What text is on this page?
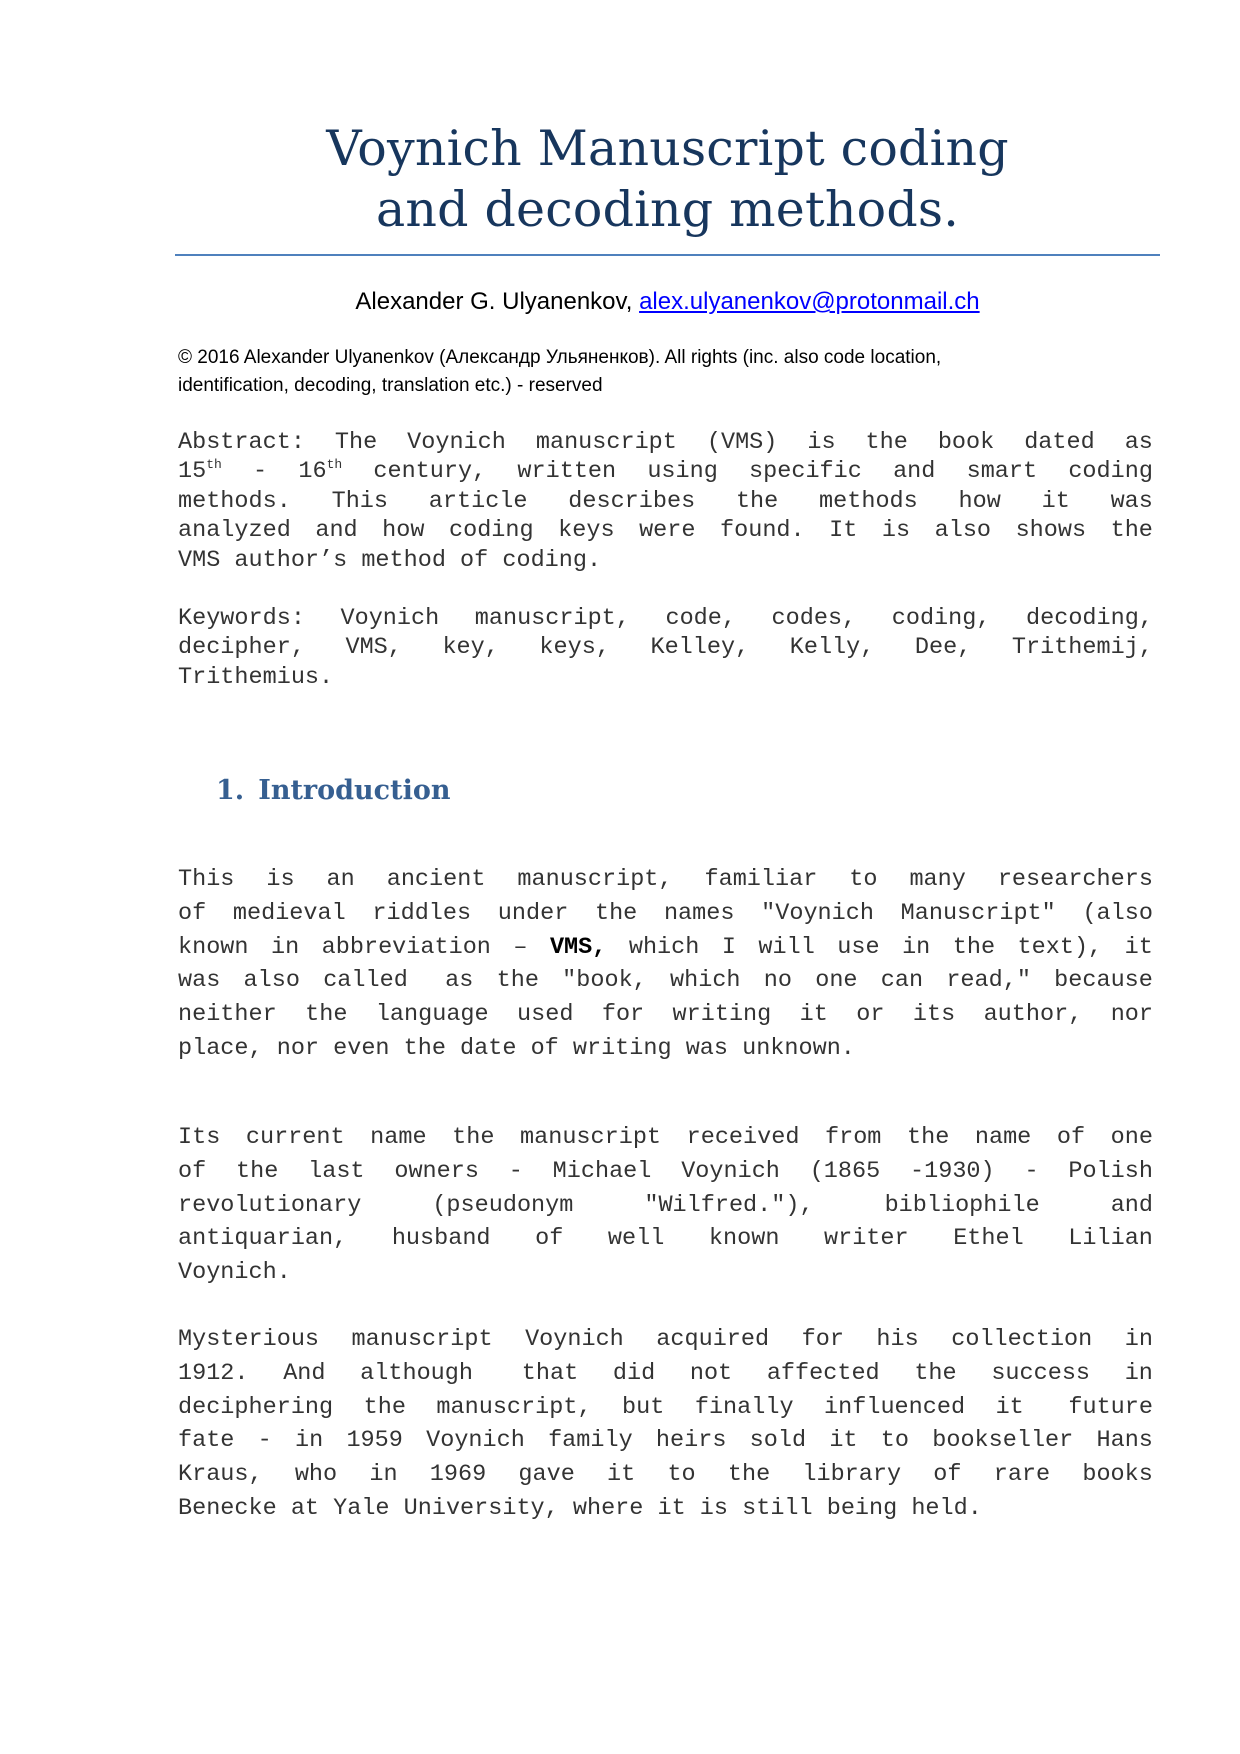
Voynich Manuscript coding
and decoding methods.
Alexander G. Ulyanenkov, alex.ulyanenkov@protonmail.ch
© 2016 Alexander Ulyanenkov (Александр Ульяненков). All rights (inc. also code location,
identification, decoding, translation etc.) - reserved
Abstract: The Voynich manuscript (VMS) is the book dated as
15th - 16th century, written using specific and smart coding
methods. This article describes the methods how it was
analyzed and how coding keys were found. It is also shows the
VMS author’s method of coding.
Keywords: Voynich manuscript, code, codes, coding, decoding,
decipher, VMS, key, keys, Kelley, Kelly, Dee, Trithemij,
Trithemius.
1. Introduction
This is an ancient manuscript, familiar to many researchers
of medieval riddles under the names "Voynich Manuscript" (also
known in abbreviation – VMS, which I will use in the text), it
was also called as the "book, which no one can read," because
neither the language used for writing it or its author, nor
place, nor even the date of writing was unknown.
Its current name the manuscript received from the name of one
of the last owners - Michael Voynich (1865 -1930) - Polish
revolutionary	(pseudonym	"Wilfred."),	bibliophile	and
antiquarian, husband of well known writer Ethel Lilian
Voynich.
Mysterious manuscript Voynich acquired for his collection in
1912. And although that did not affected the success in
deciphering the manuscript, but finally influenced it future
fate - in 1959 Voynich family heirs sold it to bookseller Hans
Kraus, who in 1969 gave it to the library of rare books
Benecke at Yale University, where it is still being held.
